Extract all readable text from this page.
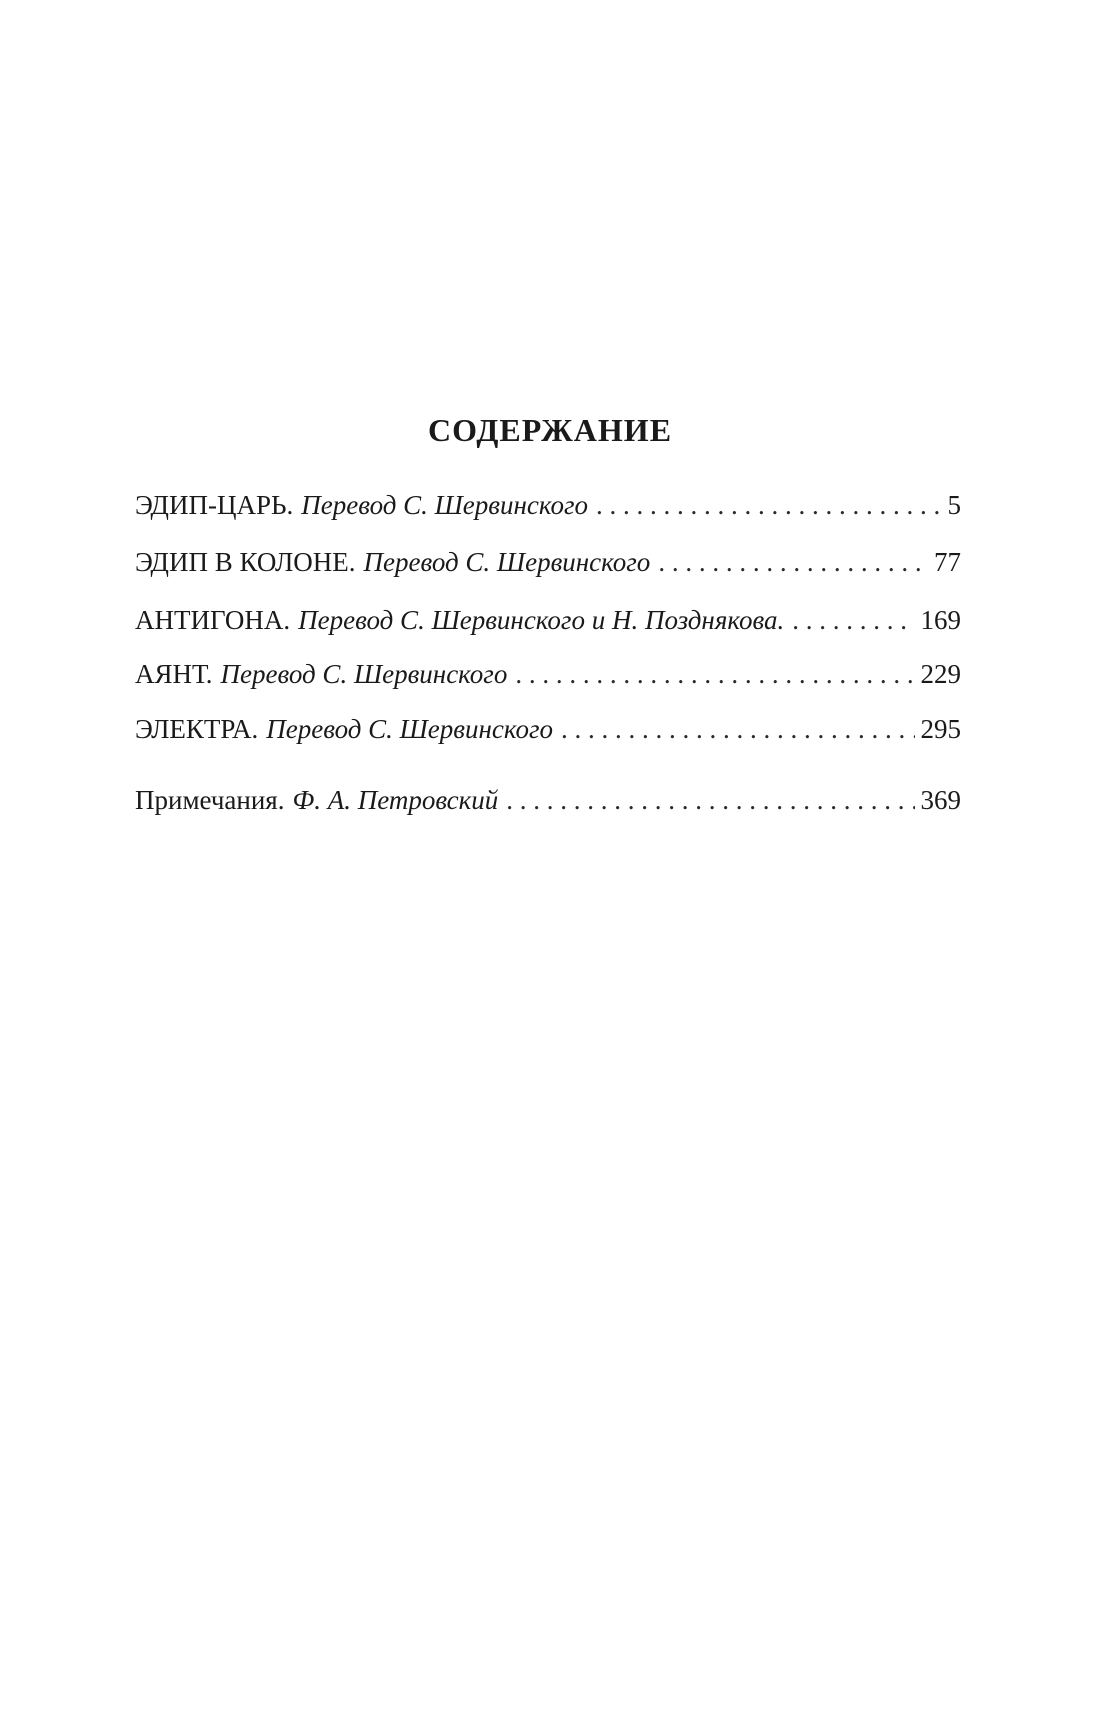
СОДЕРЖАНИЕ
ЭДИП-ЦАРЬ. Перевод С. Шервинского . . .	5
ЭДИП В КОЛОНЕ. Перевод С. Шервинского . . .	77
АНТИГОНА. Перевод С. Шервинского и Н. Позднякова. . . .	169
АЯНТ. Перевод С. Шервинского . . .	229
ЭЛЕКТРА. Перевод С. Шервинского . . .	295
Примечания. Ф. А. Петровский . . .	369
